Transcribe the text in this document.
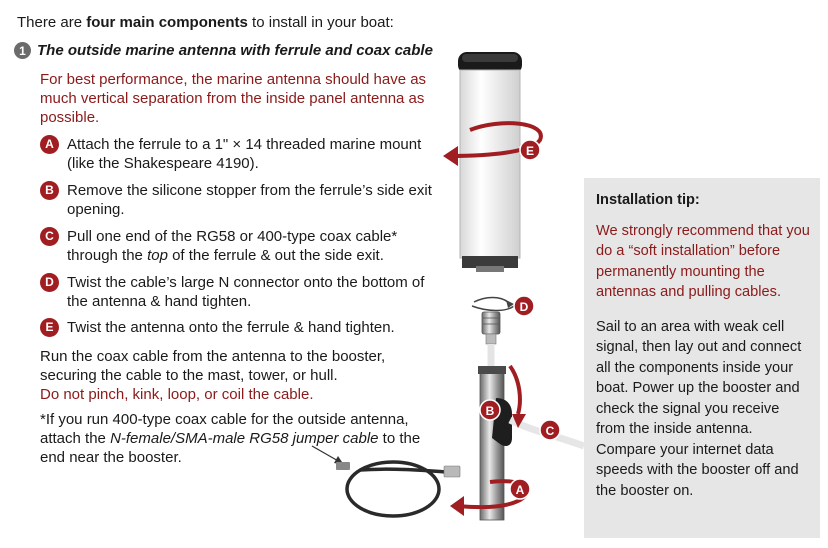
There are four main components to install in your boat:
1 The outside marine antenna with ferrule and coax cable
For best performance, the marine antenna should have as much vertical separation from the inside panel antenna as possible.
A Attach the ferrule to a 1" × 14 threaded marine mount (like the Shakespeare 4190).
B Remove the silicone stopper from the ferrule’s side exit opening.
C Pull one end of the RG58 or 400-type coax cable* through the top of the ferrule & out the side exit.
D Twist the cable’s large N connector onto the bottom of the antenna & hand tighten.
E Twist the antenna onto the ferrule & hand tighten.
Run the coax cable from the antenna to the booster, securing the cable to the mast, tower, or hull.
Do not pinch, kink, loop, or coil the cable.
*If you run 400-type coax cable for the outside antenna, attach the N-female/SMA-male RG58 jumper cable to the end near the booster.
E
D
B
C
A
Installation tip:
We strongly recommend that you do a “soft installation” before permanently mounting the antennas and pulling cables.
Sail to an area with weak cell signal, then lay out and connect all the components inside your boat. Power up the booster and check the signal you receive from the inside antenna. Compare your internet data speeds with the booster off and the booster on.
